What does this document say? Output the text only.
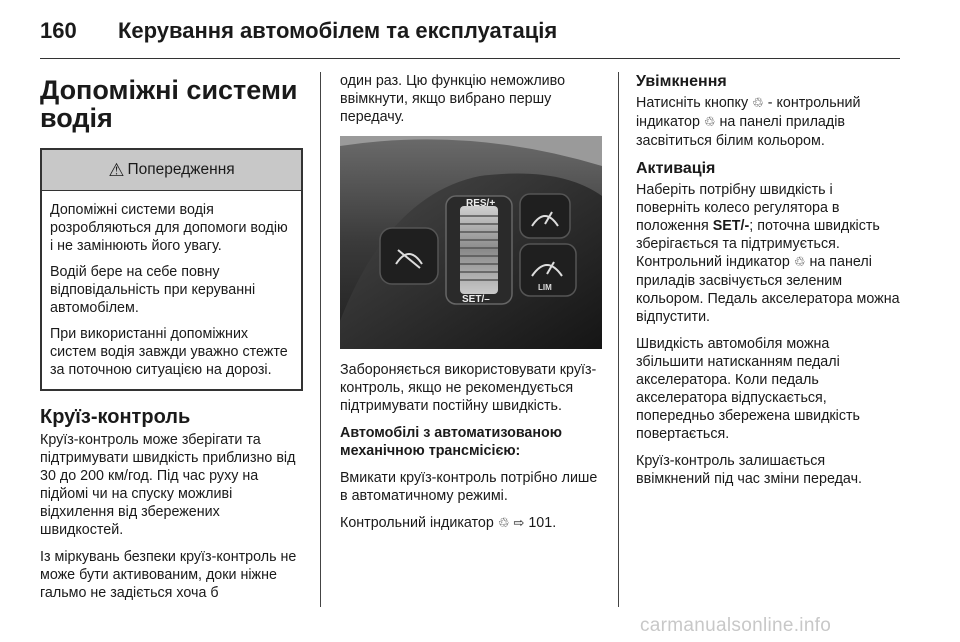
160 Керування автомобілем та експлуатація
Допоміжні системи
водія
⚠ Попередження

Допоміжні системи водія розробляються для допомоги водію і не замінюють його увагу.

Водій бере на себе повну відповідальність при керуванні автомобілем.

При використанні допоміжних систем водія завжди уважно стежте за поточною ситуацією на дорозі.

Круїз-контроль

Круїз-контроль може зберігати та підтримувати швидкість приблизно від 30 до 200 км/год. Під час руху на підйомі чи на спуску можливі відхилення від збережених швидкостей.

Із міркувань безпеки круїз-контроль не може бути активованим, доки ніжне гальмо не задіється хоча б

один раз. Цю функцію неможливо ввімкнути, якщо вибрано першу передачу.

RES/+
SET/–
LIM

Забороняється використовувати круїз-контроль, якщо не рекомендується підтримувати постійну швидкість.

Автомобілі з автоматизованою механічною трансмісією:

Вмикати круїз-контроль потрібно лише в автоматичному режимі.

Контрольний індикатор ♲ ⇨ 101.

Увімкнення

Натисніть кнопку ♲ - контрольний індикатор ♲ на панелі приладів засвітиться білим кольором.

Активація

Наберіть потрібну швидкість і поверніть колесо регулятора в положення SET/-; поточна швидкість зберігається та підтримується. Контрольний індикатор ♲ на панелі приладів засвічується зеленим кольором. Педаль акселератора можна відпустити.

Швидкість автомобіля можна збільшити натисканням педалі акселератора. Коли педаль акселератора відпускається, попередньо збережена швидкість повертається.

Круїз-контроль залишається ввімкнений під час зміни передач.

carmanualsonline.info
